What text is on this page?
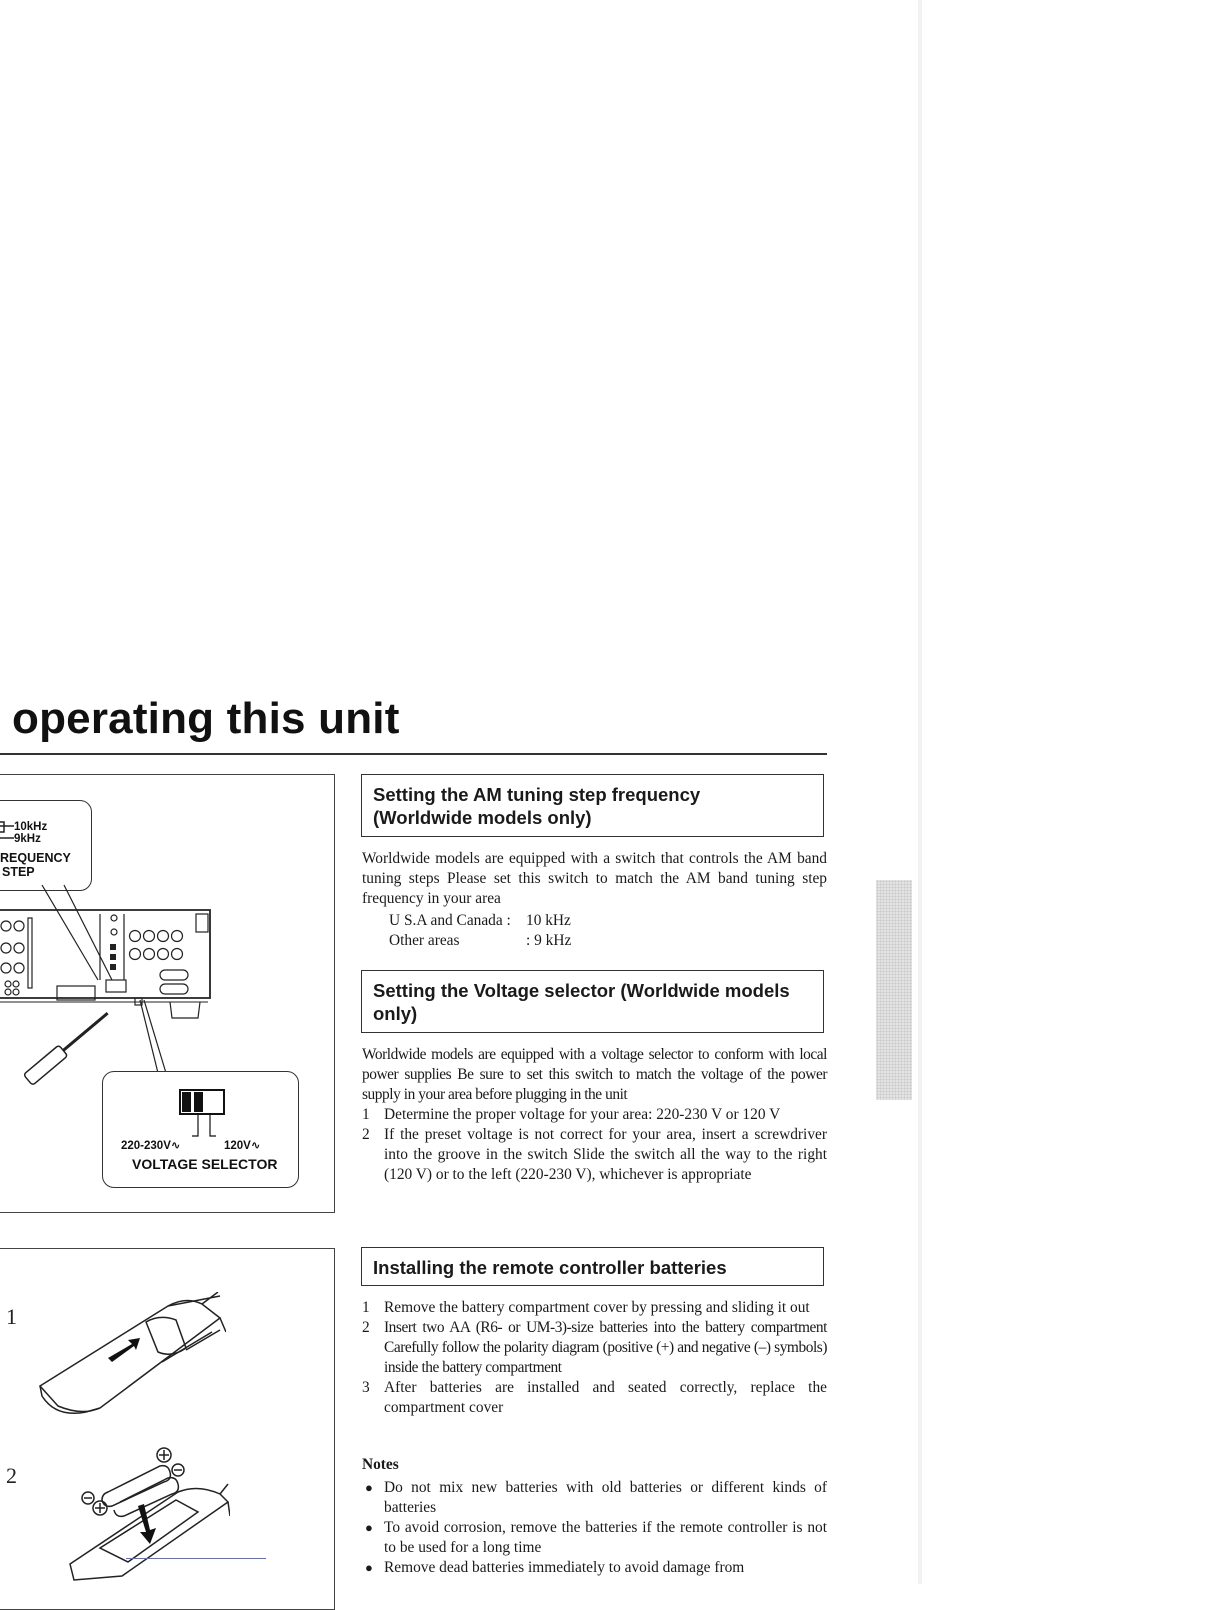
operating this unit
10kHz
9kHz
REQUENCY
STEP
220-230V∿	120V∿
VOLTAGE SELECTOR
1
2
Setting the AM tuning step frequency
(Worldwide models only)

Worldwide models are equipped with a switch that controls the AM band tuning steps Please set this switch to match the AM band tuning step frequency in your area

U S.A and Canada : 10 kHz
Other areas	: 9 kHz
Setting the Voltage selector (Worldwide models
only)

Worldwide models are equipped with a voltage selector to conform with local power supplies Be sure to set this switch to match the voltage of the power supply in your area before plugging in the unit

1 Determine the proper voltage for your area: 220-230 V or 120 V
2 If the preset voltage is not correct for your area, insert a screwdriver into the groove in the switch Slide the switch all the way to the right (120 V) or to the left (220-230 V), whichever is appropriate
Installing the remote controller batteries
1 Remove the battery compartment cover by pressing and sliding it out
2 Insert two AA (R6- or UM-3)-size batteries into the battery compartment Carefully follow the polarity diagram (positive (+) and negative (–) symbols) inside the battery compartment
3 After batteries are installed and seated correctly, replace the compartment cover

Notes

● Do not mix new batteries with old batteries or different kinds of batteries
● To avoid corrosion, remove the batteries if the remote controller is not to be used for a long time
● Remove dead batteries immediately to avoid damage from
